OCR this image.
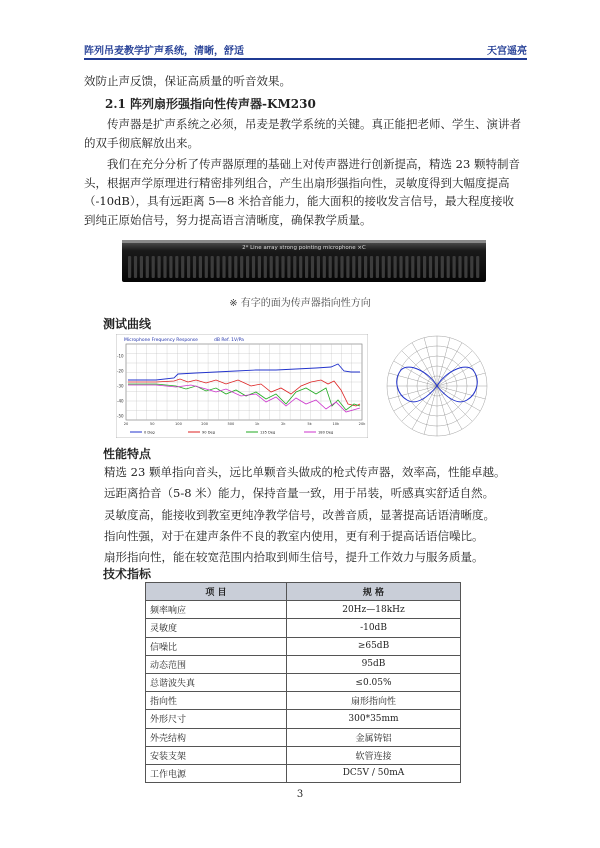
阵列吊麦教学扩声系统，清晰，舒适	天宫遥亮
效防止声反馈，保证高质量的听音效果。
2.1 阵列扇形强指向性传声器-KM230
传声器是扩声系统之必须，吊麦是教学系统的关键。真正能把老师、学生、演讲者的双手彻底解放出来。
我们在充分分析了传声器原理的基础上对传声器进行创新提高，精选 23 颗特制音头，根据声学原理进行精密排列组合，产生出扇形强指向性，灵敏度得到大幅度提高（-10dB），具有远距离 5—8 米拾音能力，能大面积的接收发言信号，最大程度接收到纯正原始信号，努力提高语言清晰度，确保教学质量。
2* Line array strong pointing microphone ×C
※ 有字的面为传声器指向性方向
测试曲线
Microphone Frequency Response	dB Ref. 1V/Pa
-10
-20
-30
-40
-50
20	50	100	200	500	1k	2k	5k	10k	20k
0 Deg	90 Deg	135 Deg	180 Deg
性能特点
精选 23 颗单指向音头，远比单颗音头做成的枪式传声器，效率高，性能卓越。
远距离拾音（5-8 米）能力，保持音量一致，用于吊装，听感真实舒适自然。
灵敏度高，能接收到教室更纯净教学信号，改善音质，显著提高话语清晰度。
指向性强，对于在建声条件不良的教室内使用，更有利于提高话语信噪比。
扇形指向性，能在较宽范围内拾取到师生信号，提升工作效力与服务质量。
技术指标
项 目	规 格
频率响应	20Hz—18kHz
灵敏度	-10dB
信噪比	≥65dB
动态范围	95dB
总谐波失真	≤0.05%
指向性	扇形指向性
外形尺寸	300*35mm
外壳结构	金属铸铝
安装支架	软管连接
工作电源	DC5V / 50mA
3
